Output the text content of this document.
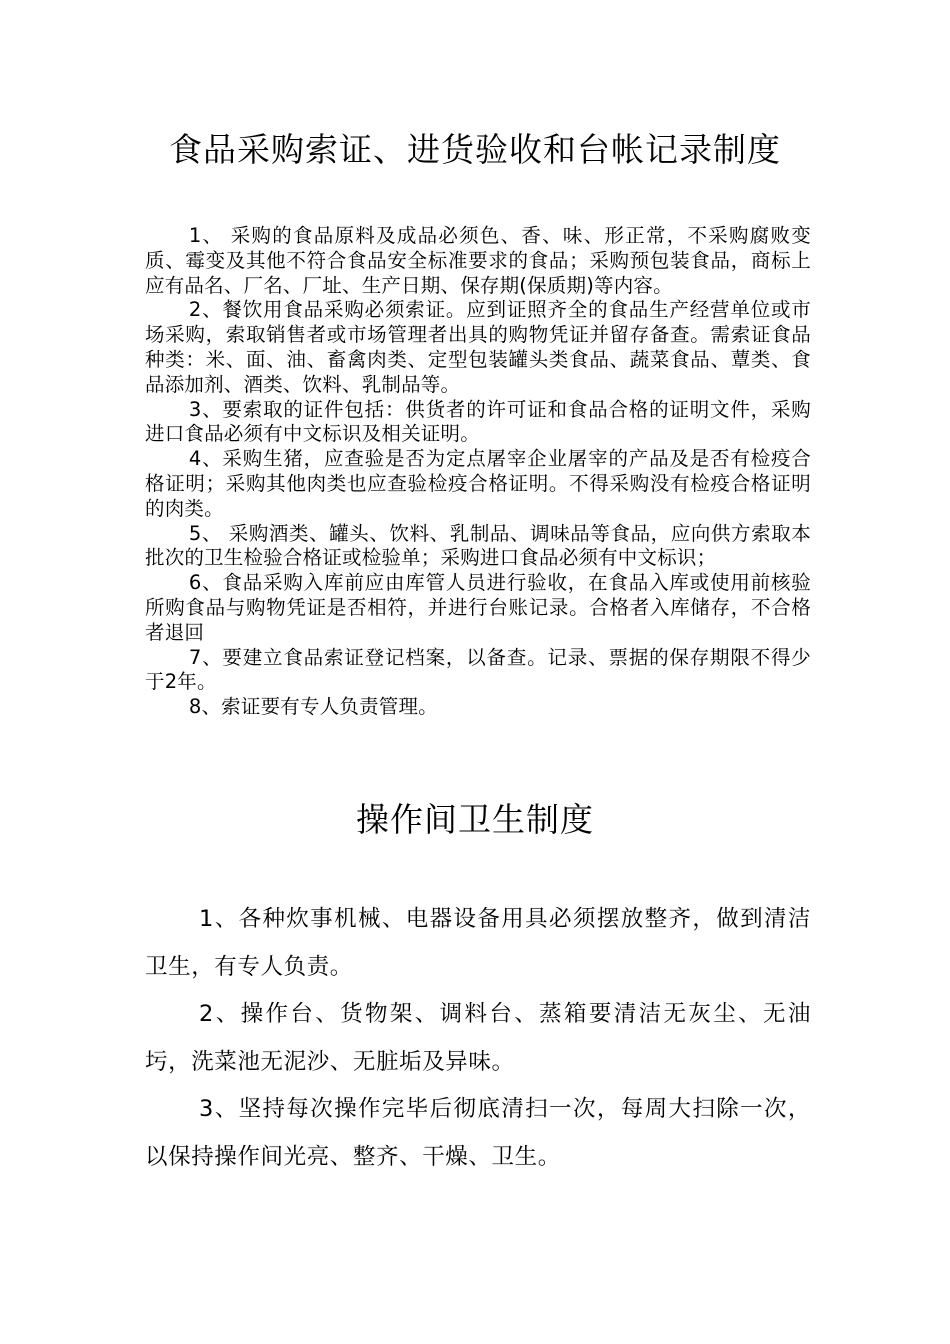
食品采购索证、进货验收和台帐记录制度

1、 采购的食品原料及成品必须色、香、味、形正常，不采购腐败变质、霉变及其他不符合食品安全标准要求的食品；采购预包装食品，商标上应有品名、厂名、厂址、生产日期、保存期(保质期)等内容。

2、餐饮用食品采购必须索证。应到证照齐全的食品生产经营单位或市场采购，索取销售者或市场管理者出具的购物凭证并留存备查。需索证食品种类：米、面、油、畜禽肉类、定型包装罐头类食品、蔬菜食品、蕈类、食品添加剂、酒类、饮料、乳制品等。

3、要索取的证件包括：供货者的许可证和食品合格的证明文件，采购进口食品必须有中文标识及相关证明。

4、采购生猪，应查验是否为定点屠宰企业屠宰的产品及是否有检疫合格证明；采购其他肉类也应查验检疫合格证明。不得采购没有检疫合格证明的肉类。

5、 采购酒类、罐头、饮料、乳制品、调味品等食品，应向供方索取本批次的卫生检验合格证或检验单；采购进口食品必须有中文标识；

6、食品采购入库前应由库管人员进行验收，在食品入库或使用前核验所购食品与购物凭证是否相符，并进行台账记录。合格者入库储存，不合格者退回

7、要建立食品索证登记档案，以备查。记录、票据的保存期限不得少于2年。

8、索证要有专人负责管理。

操作间卫生制度

1、各种炊事机械、电器设备用具必须摆放整齐，做到清洁卫生，有专人负责。

2、操作台、货物架、调料台、蒸箱要清洁无灰尘、无油圬，洗菜池无泥沙、无脏垢及异味。

3、坚持每次操作完毕后彻底清扫一次，每周大扫除一次，以保持操作间光亮、整齐、干燥、卫生。
